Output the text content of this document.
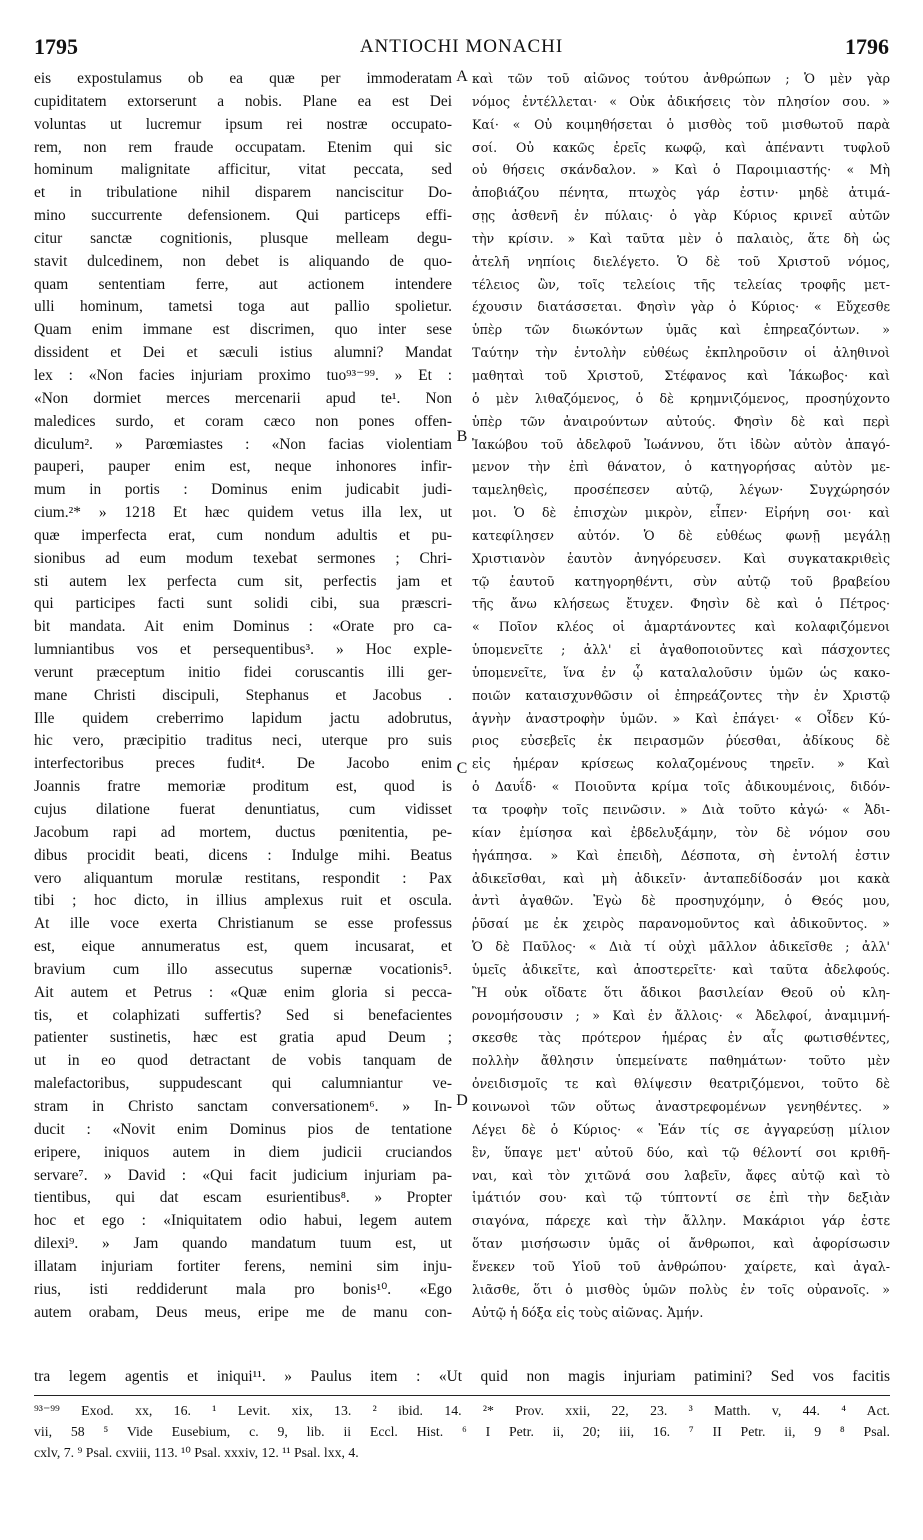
1795	ANTIOCHI MONACHI	1796
eis expostulamus ob ea quæ per immoderatam
cupiditatem extorserunt a nobis. Plane ea est Dei
voluntas ut lucremur ipsum rei nostræ occupato-
rem, non rem fraude occupatam. Etenim qui sic
hominum malignitate afficitur, vitat peccata, sed
et in tribulatione nihil disparem nanciscitur Do-
mino succurrente defensionem. Qui particeps effi-
citur sanctæ cognitionis, plusque melleam degu-
stavit dulcedinem, non debet is aliquando de quo-
quam sententiam ferre, aut actionem intendere
ulli hominum, tametsi toga aut pallio spolietur.
Quam enim immane est discrimen, quo inter sese
dissident et Dei et sæculi istius alumni? Mandat
lex : «Non facies injuriam proximo tuo⁹³⁻⁹⁹. » Et :
«Non dormiet merces mercenarii apud te¹. Non
maledices surdo, et coram cæco non pones offen-
diculum². » Parœmiastes : «Non facias violentiam
pauperi, pauper enim est, neque inhonores infir-
mum in portis : Dominus enim judicabit judi-
cium.²* » 1218 Et hæc quidem vetus illa lex, ut
quæ imperfecta erat, cum nondum adultis et pu-
sionibus ad eum modum texebat sermones ; Chri-
sti autem lex perfecta cum sit, perfectis jam et
qui participes facti sunt solidi cibi, sua præscri-
bit mandata. Ait enim Dominus : «Orate pro ca-
lumniantibus vos et persequentibus³. » Hoc exple-
verunt præceptum initio fidei coruscantis illi ger-
mane Christi discipuli, Stephanus et Jacobus .
Ille quidem creberrimo lapidum jactu adobrutus,
hic vero, præcipitio traditus neci, uterque pro suis
interfectoribus preces fudit⁴. De Jacobo enim
Joannis fratre memoriæ proditum est, quod is
cujus dilatione fuerat denuntiatus, cum vidisset
Jacobum rapi ad mortem, ductus pœnitentia, pe-
dibus procidit beati, dicens : Indulge mihi. Beatus
vero aliquantum morulæ restitans, respondit : Pax
tibi ; hoc dicto, in illius amplexus ruit et oscula.
At ille voce exerta Christianum se esse professus
est, eique annumeratus est, quem incusarat, et
bravium cum illo assecutus supernæ vocationis⁵.
Ait autem et Petrus : «Quæ enim gloria si pecca-
tis, et colaphizati suffertis? Sed si benefacientes
patienter sustinetis, hæc est gratia apud Deum ;
ut in eo quod detractant de vobis tanquam de
malefactoribus, suppudescant qui calumniantur ve-
stram in Christo sanctam conversationem⁶. » In-
ducit : «Novit enim Dominus pios de tentatione
eripere, iniquos autem in diem judicii cruciandos
servare⁷. » David : «Qui facit judicium injuriam pa-
tientibus, qui dat escam esurientibus⁸. » Propter
hoc et ego : «Iniquitatem odio habui, legem autem
dilexi⁹. » Jam quando mandatum tuum est, ut
illatam injuriam fortiter ferens, nemini sim inju-
rius, isti reddiderunt mala pro bonis¹⁰. «Ego
autem orabam, Deus meus, eripe me de manu con-
καὶ τῶν τοῦ αἰῶνος τούτου ἀνθρώπων ; Ὁ μὲν γὰρ
νόμος ἐντέλλεται· « Οὐκ ἀδικήσεις τὸν πλησίον σου. »
Καί· « Οὐ κοιμηθήσεται ὁ μισθὸς τοῦ μισθωτοῦ παρὰ
σοί. Οὐ κακῶς ἐρεῖς κωφῷ, καὶ ἀπέναντι τυφλοῦ
οὐ θήσεις σκάνδαλον. » Καὶ ὁ Παροιμιαστής· « Μὴ
ἀποβιάζου πένητα, πτωχὸς γάρ ἐστιν· μηδὲ ἀτιμά-
σῃς ἀσθενῆ ἐν πύλαις· ὁ γὰρ Κύριος κρινεῖ αὐτῶν
τὴν κρίσιν. » Καὶ ταῦτα μὲν ὁ παλαιὸς, ἅτε δὴ ὡς
ἀτελῆ νηπίοις διελέγετο. Ὁ δὲ τοῦ Χριστοῦ νόμος,
τέλειος ὢν, τοῖς τελείοις τῆς τελείας τροφῆς μετ-
έχουσιν διατάσσεται. Φησὶν γὰρ ὁ Κύριος· « Εὔχεσθε
ὑπὲρ τῶν διωκόντων ὑμᾶς καὶ ἐπηρεαζόντων. »
Ταύτην τὴν ἐντολὴν εὐθέως ἐκπληροῦσιν οἱ ἀληθινοὶ
μαθηταὶ τοῦ Χριστοῦ, Στέφανος καὶ Ἰάκωβος· καὶ
ὁ μὲν λιθαζόμενος, ὁ δὲ κρημνιζόμενος, προσηύχοντο
ὑπὲρ τῶν ἀναιρούντων αὐτούς. Φησὶν δὲ καὶ περὶ
Ἰακώβου τοῦ ἀδελφοῦ Ἰωάννου, ὅτι ἰδὼν αὐτὸν ἀπαγό-
μενον τὴν ἐπὶ θάνατον, ὁ κατηγορήσας αὐτὸν με-
ταμεληθεὶς, προσέπεσεν αὐτῷ, λέγων· Συγχώρησόν
μοι. Ὁ δὲ ἐπισχὼν μικρὸν, εἶπεν· Εἰρήνη σοι· καὶ
κατεφίλησεν αὐτόν. Ὁ δὲ εὐθέως φωνῇ μεγάλῃ
Χριστιανὸν ἑαυτὸν ἀνηγόρευσεν. Καὶ συγκατακριθεὶς
τῷ ἑαυτοῦ κατηγορηθέντι, σὺν αὐτῷ τοῦ βραβείου
τῆς ἄνω κλήσεως ἔτυχεν. Φησὶν δὲ καὶ ὁ Πέτρος·
« Ποῖον κλέος οἱ ἁμαρτάνοντες καὶ κολαφιζόμενοι
ὑπομενεῖτε ; ἀλλ' εἰ ἀγαθοποιοῦντες καὶ πάσχοντες
ὑπομενεῖτε, ἵνα ἐν ᾧ καταλαλοῦσιν ὑμῶν ὡς κακο-
ποιῶν καταισχυνθῶσιν οἱ ἐπηρεάζοντες τὴν ἐν Χριστῷ
ἁγνὴν ἀναστροφὴν ὑμῶν. » Καὶ ἐπάγει· « Οἶδεν Κύ-
ριος εὐσεβεῖς ἐκ πειρασμῶν ῥύεσθαι, ἀδίκους δὲ
εἰς ἡμέραν κρίσεως κολαζομένους τηρεῖν. » Καὶ
ὁ Δαυΐδ· « Ποιοῦντα κρίμα τοῖς ἀδικουμένοις, διδόν-
τα τροφὴν τοῖς πεινῶσιν. » Διὰ τοῦτο κἀγώ· « Ἀδι-
κίαν ἐμίσησα καὶ ἐβδελυξάμην, τὸν δὲ νόμον σου
ἠγάπησα. » Καὶ ἐπειδὴ, Δέσποτα, σὴ ἐντολή ἐστιν
ἀδικεῖσθαι, καὶ μὴ ἀδικεῖν· ἀνταπεδίδοσάν μοι κακὰ
ἀντὶ ἀγαθῶν. Ἐγὼ δὲ προσηυχόμην, ὁ Θεός μου,
ῥῦσαί με ἐκ χειρὸς παρανομοῦντος καὶ ἀδικοῦντος. »
Ὁ δὲ Παῦλος· « Διὰ τί οὐχὶ μᾶλλον ἀδικεῖσθε ; ἀλλ'
ὑμεῖς ἀδικεῖτε, καὶ ἀποστερεῖτε· καὶ ταῦτα ἀδελφούς.
Ἢ οὐκ οἴδατε ὅτι ἄδικοι βασιλείαν Θεοῦ οὐ κλη-
ρονομήσουσιν ; » Καὶ ἐν ἄλλοις· « Ἀδελφοί, ἀναμιμνή-
σκεσθε τὰς πρότερον ἡμέρας ἐν αἷς φωτισθέντες,
πολλὴν ἄθλησιν ὑπεμείνατε παθημάτων· τοῦτο μὲν
ὀνειδισμοῖς τε καὶ θλίψεσιν θεατριζόμενοι, τοῦτο δὲ
κοινωνοὶ τῶν οὕτως ἀναστρεφομένων γενηθέντες. »
Λέγει δὲ ὁ Κύριος· « Ἐάν τίς σε ἀγγαρεύσῃ μίλιον
ἓν, ὕπαγε μετ' αὐτοῦ δύο, καὶ τῷ θέλοντί σοι κριθῆ-
ναι, καὶ τὸν χιτῶνά σου λαβεῖν, ἄφες αὐτῷ καὶ τὸ
ἱμάτιόν σου· καὶ τῷ τύπτοντί σε ἐπὶ τὴν δεξιὰν
σιαγόνα, πάρεχε καὶ τὴν ἄλλην. Μακάριοι γάρ ἐστε
ὅταν μισήσωσιν ὑμᾶς οἱ ἄνθρωποι, καὶ ἀφορίσωσιν
ἕνεκεν τοῦ Υἱοῦ τοῦ ἀνθρώπου· χαίρετε, καὶ ἀγαλ-
λιᾶσθε, ὅτι ὁ μισθὸς ὑμῶν πολὺς ἐν τοῖς οὐρανοῖς. »
Αὐτῷ ἡ δόξα εἰς τοὺς αἰῶνας. Ἀμήν.
A
B
C
D
tra legem agentis et iniqui¹¹. » Paulus item : «Ut quid non magis injuriam patimini? Sed vos facitis
⁹³⁻⁹⁹ Exod. xx, 16. ¹ Levit. xix, 13. ² ibid. 14. ²* Prov. xxii, 22, 23. ³ Matth. v, 44. ⁴ Act.
vii, 58 ⁵ Vide Eusebium, c. 9, lib. ii Eccl. Hist. ⁶ I Petr. ii, 20; iii, 16. ⁷ II Petr. ii, 9 ⁸ Psal.
cxlv, 7. ⁹ Psal. cxviii, 113. ¹⁰ Psal. xxxiv, 12. ¹¹ Psal. lxx, 4.
